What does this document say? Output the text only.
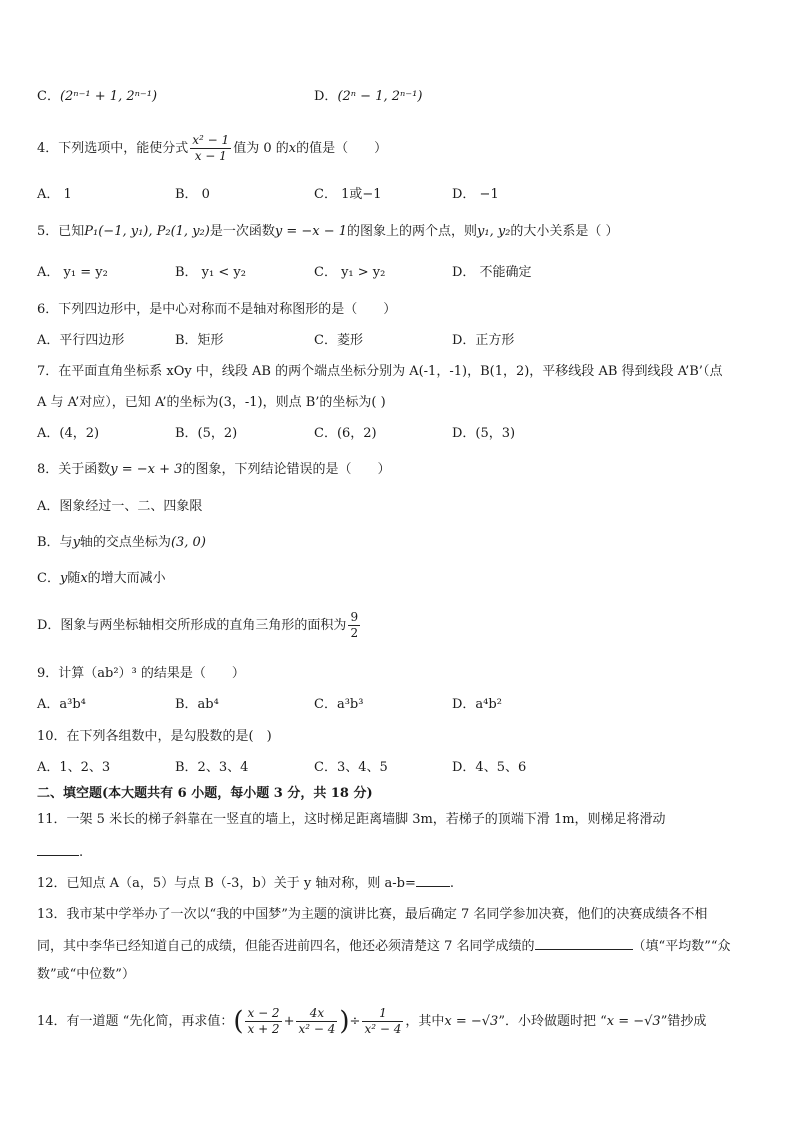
C．(2ⁿ⁻¹ + 1, 2ⁿ⁻¹)	D．(2ⁿ − 1, 2ⁿ⁻¹)
4．下列选项中，能使分式 $\frac{\text{x² − 1}}{x - 1}$ 值为 0 的x的值是（　　）
A． 1	B． 0	C． 1或−1	D． −1
5．已知P₁(−1, y₁), P₂(1, y₂)是一次函数y = −x − 1的图象上的两个点，则y₁, y₂的大小关系是（ ）
A． y₁ = y₂	B． y₁ < y₂	C． y₁ > y₂	D． 不能确定
6．下列四边形中，是中心对称而不是轴对称图形的是（　　）
A．平行四边形	B．矩形	C．菱形	D．正方形
7．在平面直角坐标系 xOy 中，线段 AB 的两个端点坐标分别为 A(-1，-1)，B(1，2)，平移线段 AB 得到线段 A’B’（点
A 与 A’对应），已知 A’的坐标为(3，-1)，则点 B’的坐标为( )
A．(4，2)	B．(5，2)	C．(6，2)	D．(5，3)
8．关于函数y = −x + 3的图象，下列结论错误的是（　　）
A．图象经过一、二、四象限
B．与y轴的交点坐标为(3, 0)
C．y随x的增大而减小
D．图象与两坐标轴相交所形成的直角三角形的面积为 $\frac{9}{2}$
9．计算（ab²）³ 的结果是（　　）
A．a³b⁴	B．ab⁴	C．a³b³	D．a⁴b²
10．在下列各组数中，是勾股数的是(　)
A．1、2、3	B．2、3、4	C．3、4、5	D．4、5、6
二、填空题(本大题共有 6 小题，每小题 3 分，共 18 分)
11．一架 5 米长的梯子斜靠在一竖直的墙上，这时梯足距离墙脚 3m，若梯子的顶端下滑 1m，则梯足将滑动
.
12．已知点 A（a，5）与点 B（-3，b）关于 y 轴对称，则 a-b=	.
13．我市某中学举办了一次以“我的中国梦”为主题的演讲比赛，最后确定 7 名同学参加决赛，他们的决赛成绩各不相
同，其中李华已经知道自己的成绩，但能否进前四名，他还必须清楚这 7 名同学成绩的	（填“平均数”“众
数”或“中位数”）
14．有一道题 “先化简，再求值：( $\frac{x - 2}{x + 2} + \frac{4x}{\text{x² − 4}}$ )÷ $\frac{1}{\text{x² − 4}}$ ，其中x = −√3”．小玲做题时把 “x = −√3”错抄成
